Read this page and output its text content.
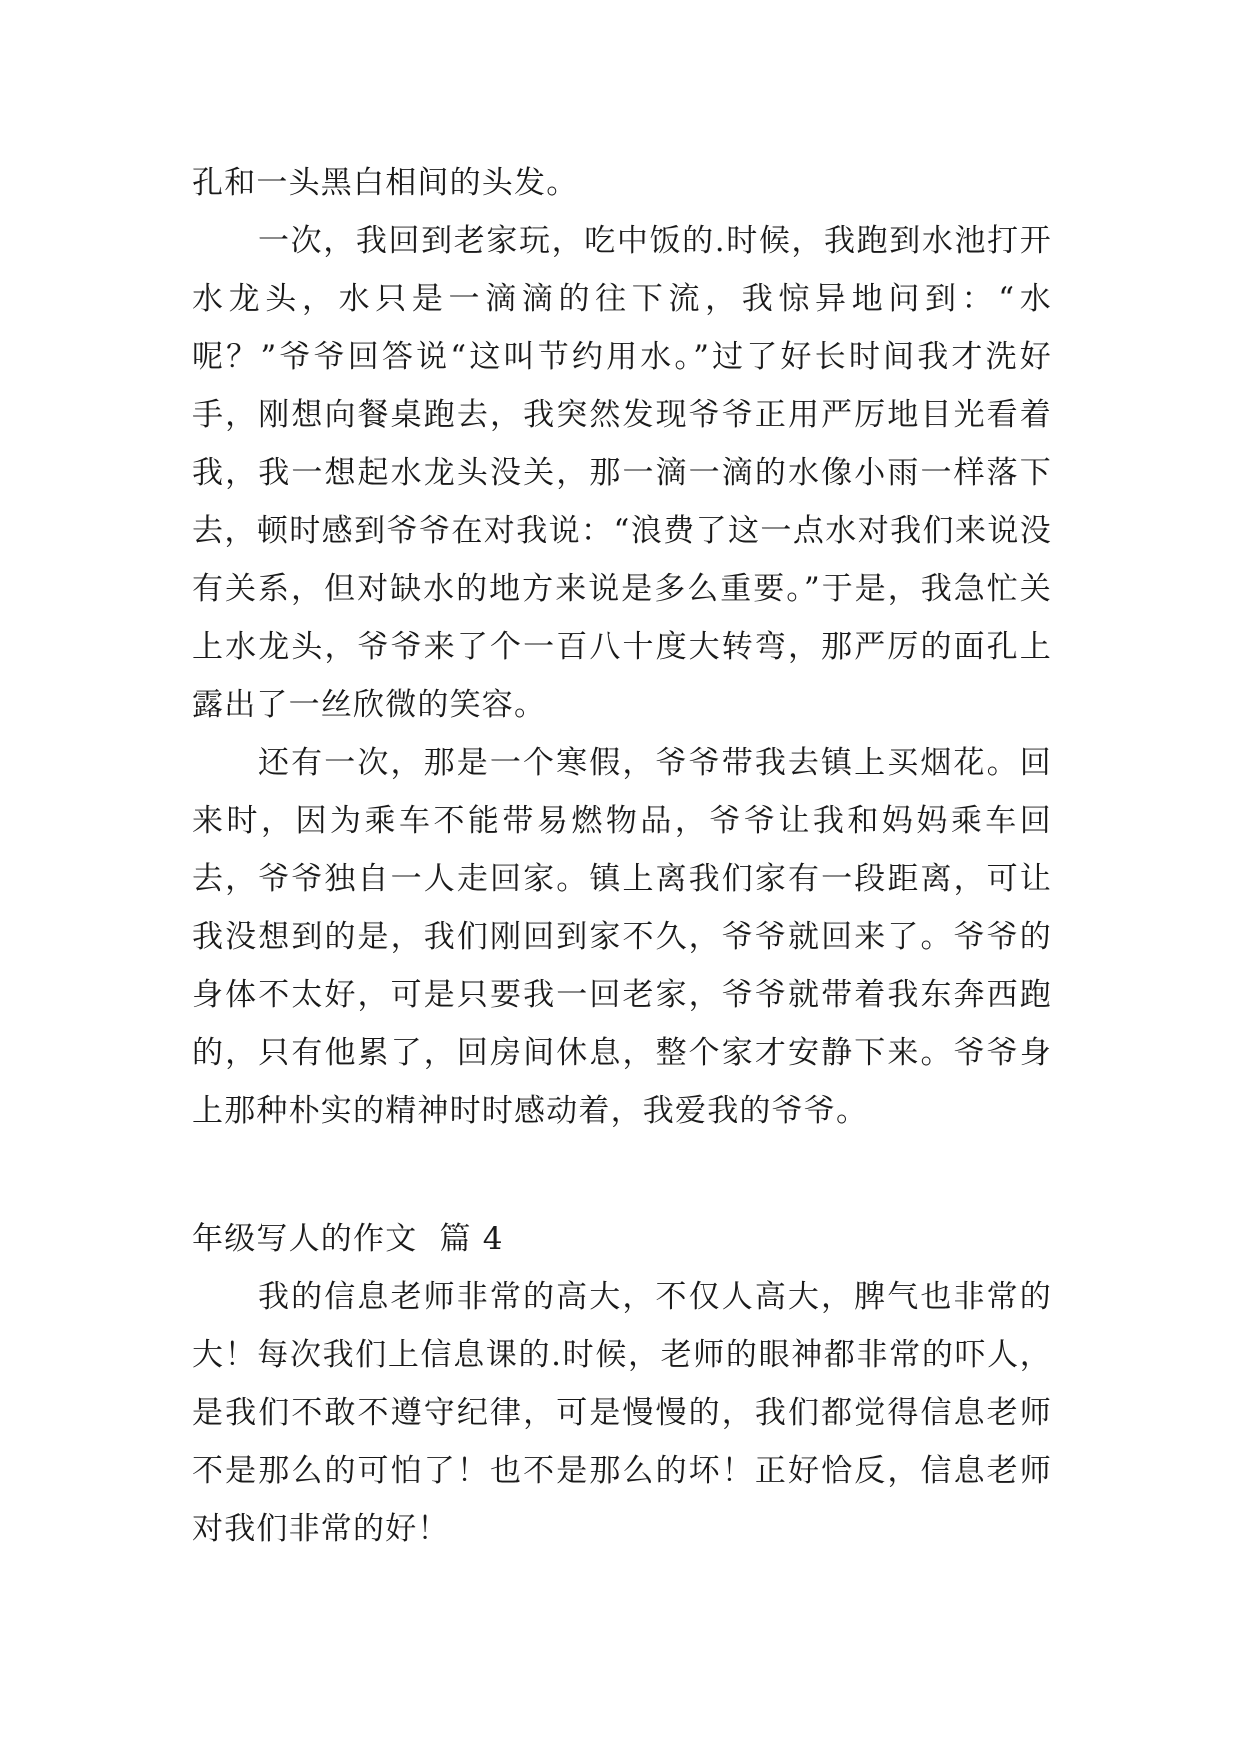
孔和一头黑白相间的头发。

一次，我回到老家玩，吃中饭的.时候，我跑到水池打开水龙头，水只是一滴滴的往下流，我惊异地问到：“水呢？”爷爷回答说“这叫节约用水。”过了好长时间我才洗好手，刚想向餐桌跑去，我突然发现爷爷正用严厉地目光看着我，我一想起水龙头没关，那一滴一滴的水像小雨一样落下去，顿时感到爷爷在对我说：“浪费了这一点水对我们来说没有关系，但对缺水的地方来说是多么重要。”于是，我急忙关上水龙头，爷爷来了个一百八十度大转弯，那严厉的面孔上露出了一丝欣微的笑容。

还有一次，那是一个寒假，爷爷带我去镇上买烟花。回来时，因为乘车不能带易燃物品，爷爷让我和妈妈乘车回去，爷爷独自一人走回家。镇上离我们家有一段距离，可让我没想到的是，我们刚回到家不久，爷爷就回来了。爷爷的身体不太好，可是只要我一回老家，爷爷就带着我东奔西跑的，只有他累了，回房间休息，整个家才安静下来。爷爷身上那种朴实的精神时时感动着，我爱我的爷爷。

年级写人的作文  篇 4

我的信息老师非常的高大，不仅人高大，脾气也非常的大！每次我们上信息课的.时候，老师的眼神都非常的吓人，是我们不敢不遵守纪律，可是慢慢的，我们都觉得信息老师不是那么的可怕了！也不是那么的坏！正好恰反，信息老师对我们非常的好！
